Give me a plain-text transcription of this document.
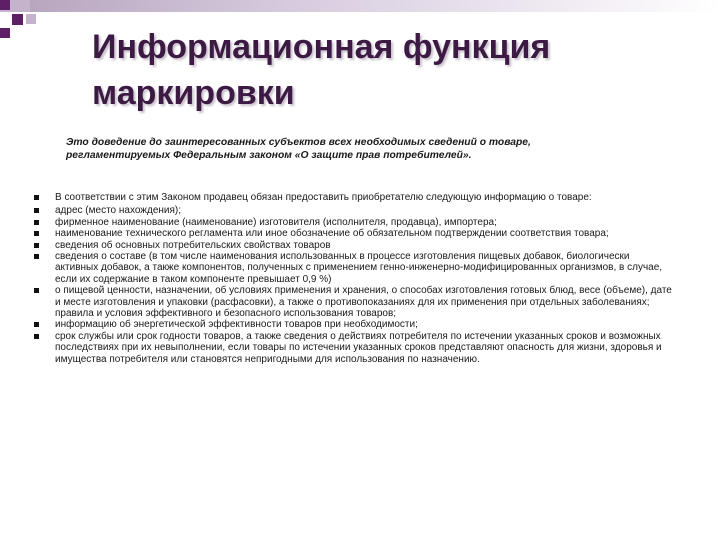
Информационная функция маркировки

Это доведение до заинтересованных субъектов всех необходимых сведений о товаре, регламентируемых Федеральным законом «О защите прав потребителей».

В соответствии с этим Законом продавец обязан предоставить приобретателю следующую информацию о товаре:
адрес (место нахождения);
фирменное наименование (наименование) изготовителя (исполнителя, продавца), импортера;
наименование технического регламента или иное обозначение об обязательном подтверждении соответствия товара;
сведения об основных потребительских свойствах товаров
сведения о составе (в том числе наименования использованных в процессе изготовления пищевых добавок, биологически активных добавок, а также компонентов, полученных с применением генно-инженерно-модифицированных организмов, в случае, если их содержание в таком компоненте превышает 0,9 %)
о пищевой ценности, назначении, об условиях применения и хранения, о способах изготовления готовых блюд, весе (объеме), дате и месте изготовления и упаковки (расфасовки), а также о противопоказаниях для их применения при отдельных заболеваниях; правила и условия эффективного и безопасного использования товаров;
информацию об энергетической эффективности товаров при необходимости;
срок службы или срок годности товаров, а также сведения о действиях потребителя по истечении указанных сроков и возможных последствиях при их невыполнении, если товары по истечении указанных сроков представляют опасность для жизни, здоровья и имущества потребителя или становятся непригодными для использования по назначению.
